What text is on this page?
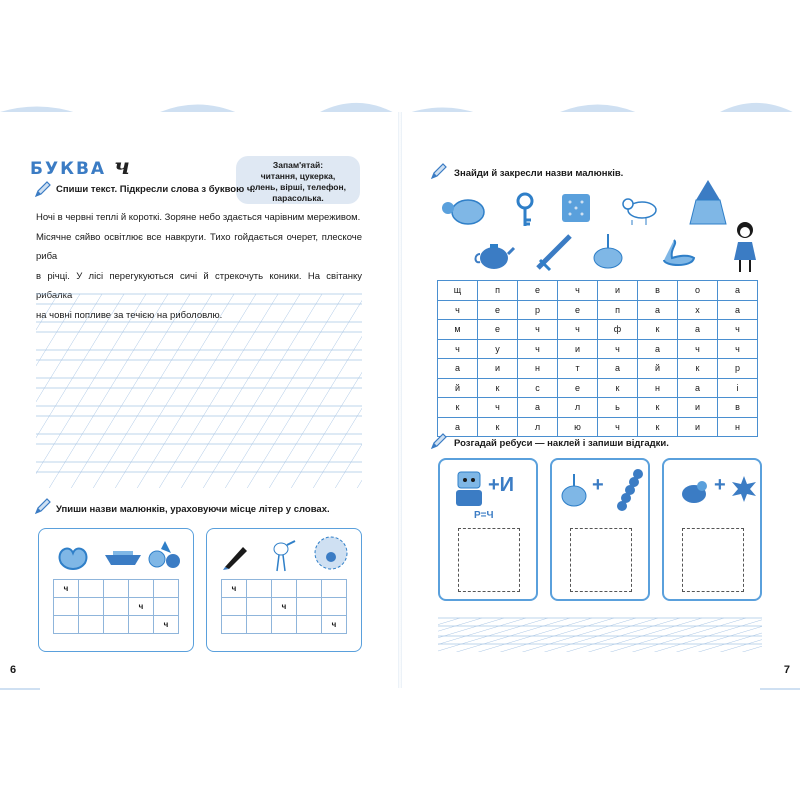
БУКВА ч	Запам'ятай:
читання, цукерка,
олень, вірші, телефон,
парасолька.
Спиши текст. Підкресли слова з буквою ч.
Ночі в червні теплі й короткі. Зоряне небо здається чарівним мереживом.
Місячне сяйво освітлює все навкруги. Тихо гойдається очерет, плескоче риба
в річці. У лісі перегукуються сичі й стрекочуть коники. На світанку рибалка
на човні попливе за течією на риболовлю.
Упиши назви малюнків, ураховуючи місце літер у словах.
ч				
			ч	
				ч
ч				
		ч		
				ч
6
Знайди й закресли назви малюнків.
щ	п	е	ч	и	в	о	а
ч	е	р	е	п	а	х	а
м	е	ч	ч	ф	к	а	ч
ч	у	ч	и	ч	а	ч	ч
а	и	н	т	а	й	к	р
й	к	с	е	к	н	а	і
к	ч	а	л	ь	к	и	в
а	к	л	ю	ч	к	и	н
Розгадай ребуси — наклей і запиши відгадки.
+И
Р=Ч
+	+
7
